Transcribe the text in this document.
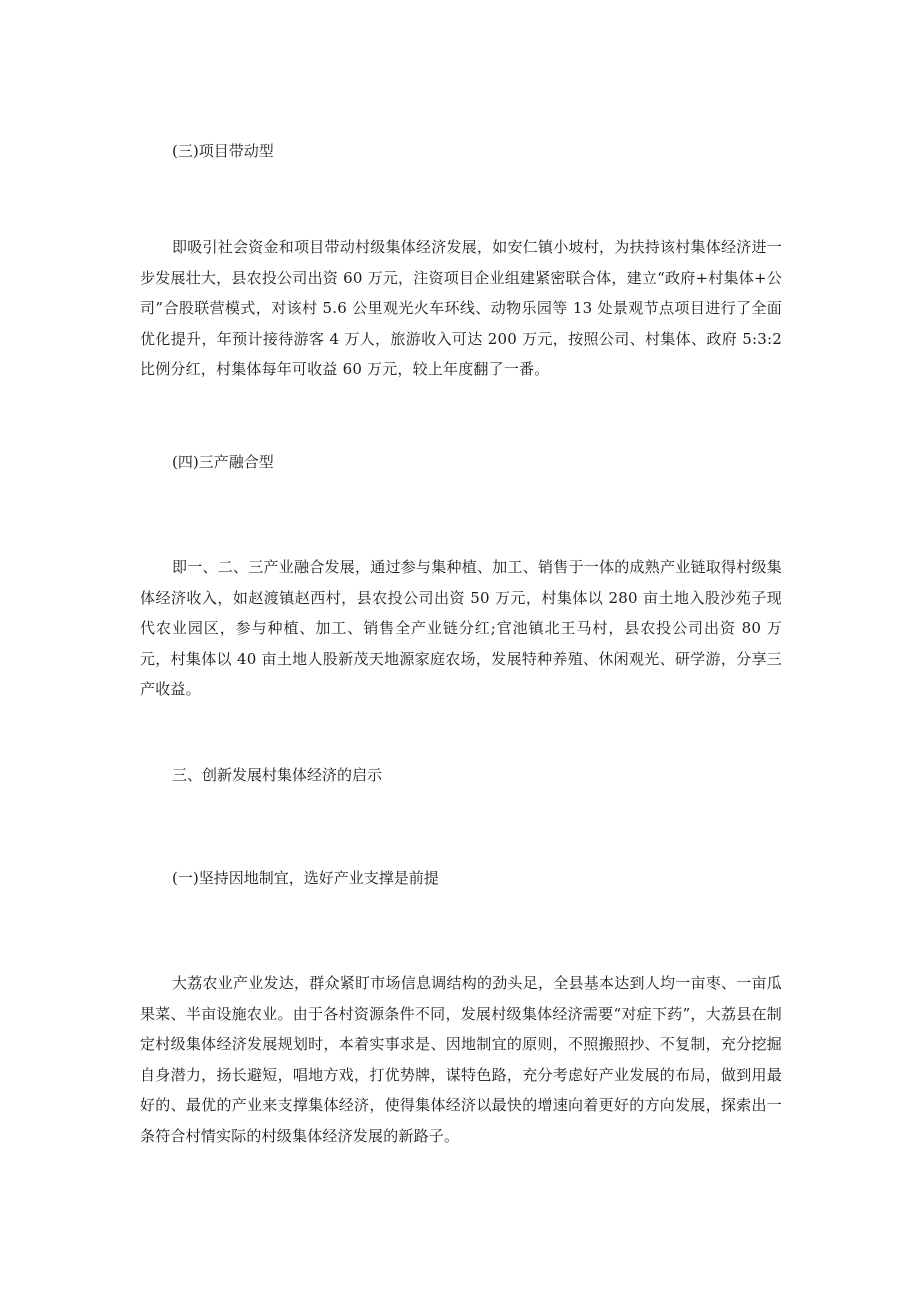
(三)项目带动型
即吸引社会资金和项目带动村级集体经济发展，如安仁镇小坡村，为扶持该村集体经济进一步发展壮大，县农投公司出资 60 万元，注资项目企业组建紧密联合体，建立“政府+村集体+公司”合股联营模式，对该村 5.6 公里观光火车环线、动物乐园等 13 处景观节点项目进行了全面优化提升，年预计接待游客 4 万人，旅游收入可达 200 万元，按照公司、村集体、政府 5:3:2 比例分红，村集体每年可收益 60 万元，较上年度翻了一番。
(四)三产融合型
即一、二、三产业融合发展，通过参与集种植、加工、销售于一体的成熟产业链取得村级集体经济收入，如赵渡镇赵西村，县农投公司出资 50 万元，村集体以 280 亩土地入股沙苑子现代农业园区，参与种植、加工、销售全产业链分红;官池镇北王马村，县农投公司出资 80 万元，村集体以 40 亩土地人股新茂天地源家庭农场，发展特种养殖、休闲观光、研学游，分享三产收益。
三、创新发展村集体经济的启示
(一)坚持因地制宜，选好产业支撑是前提
大荔农业产业发达，群众紧盯市场信息调结构的劲头足，全县基本达到人均一亩枣、一亩瓜果菜、半亩设施农业。由于各村资源条件不同，发展村级集体经济需要“对症下药”，大荔县在制定村级集体经济发展规划时，本着实事求是、因地制宜的原则，不照搬照抄、不复制，充分挖掘自身潜力，扬长避短，唱地方戏，打优势牌，谋特色路，充分考虑好产业发展的布局，做到用最好的、最优的产业来支撑集体经济，使得集体经济以最快的增速向着更好的方向发展，探索出一条符合村情实际的村级集体经济发展的新路子。
